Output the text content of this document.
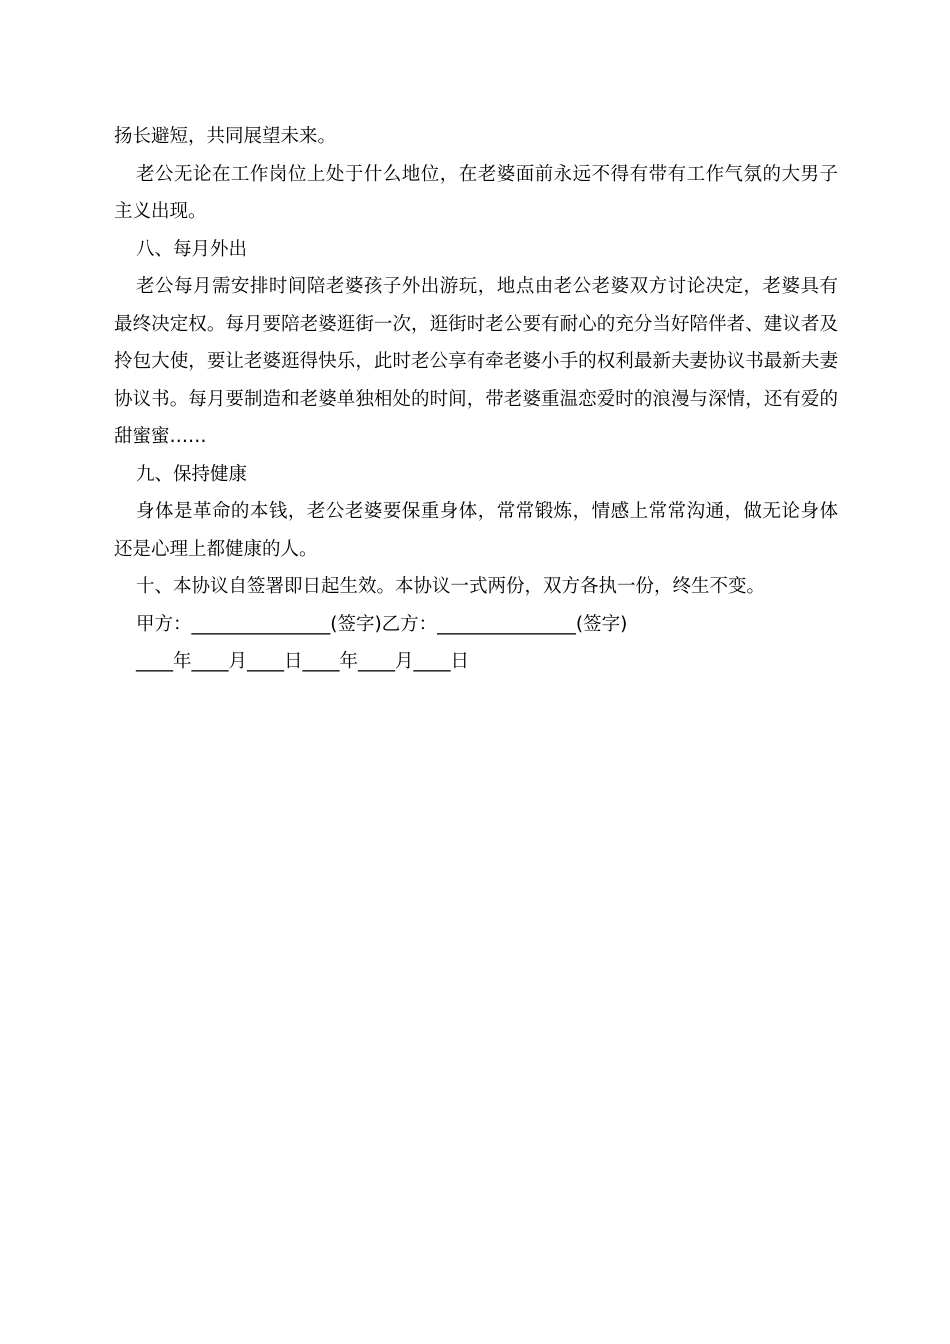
扬长避短，共同展望未来。

老公无论在工作岗位上处于什么地位，在老婆面前永远不得有带有工作气氛的大男子主义出现。

八、每月外出

老公每月需安排时间陪老婆孩子外出游玩，地点由老公老婆双方讨论决定，老婆具有最终决定权。每月要陪老婆逛街一次，逛街时老公要有耐心的充分当好陪伴者、建议者及拎包大使，要让老婆逛得快乐，此时老公享有牵老婆小手的权利最新夫妻协议书最新夫妻协议书。每月要制造和老婆单独相处的时间，带老婆重温恋爱时的浪漫与深情，还有爱的甜蜜蜜……

九、保持健康

身体是革命的本钱，老公老婆要保重身体，常常锻炼，情感上常常沟通，做无论身体还是心理上都健康的人。

十、本协议自签署即日起生效。本协议一式两份，双方各执一份，终生不变。

甲方：_______________(签字)乙方：_______________(签字)

____年____月____日____年____月____日
